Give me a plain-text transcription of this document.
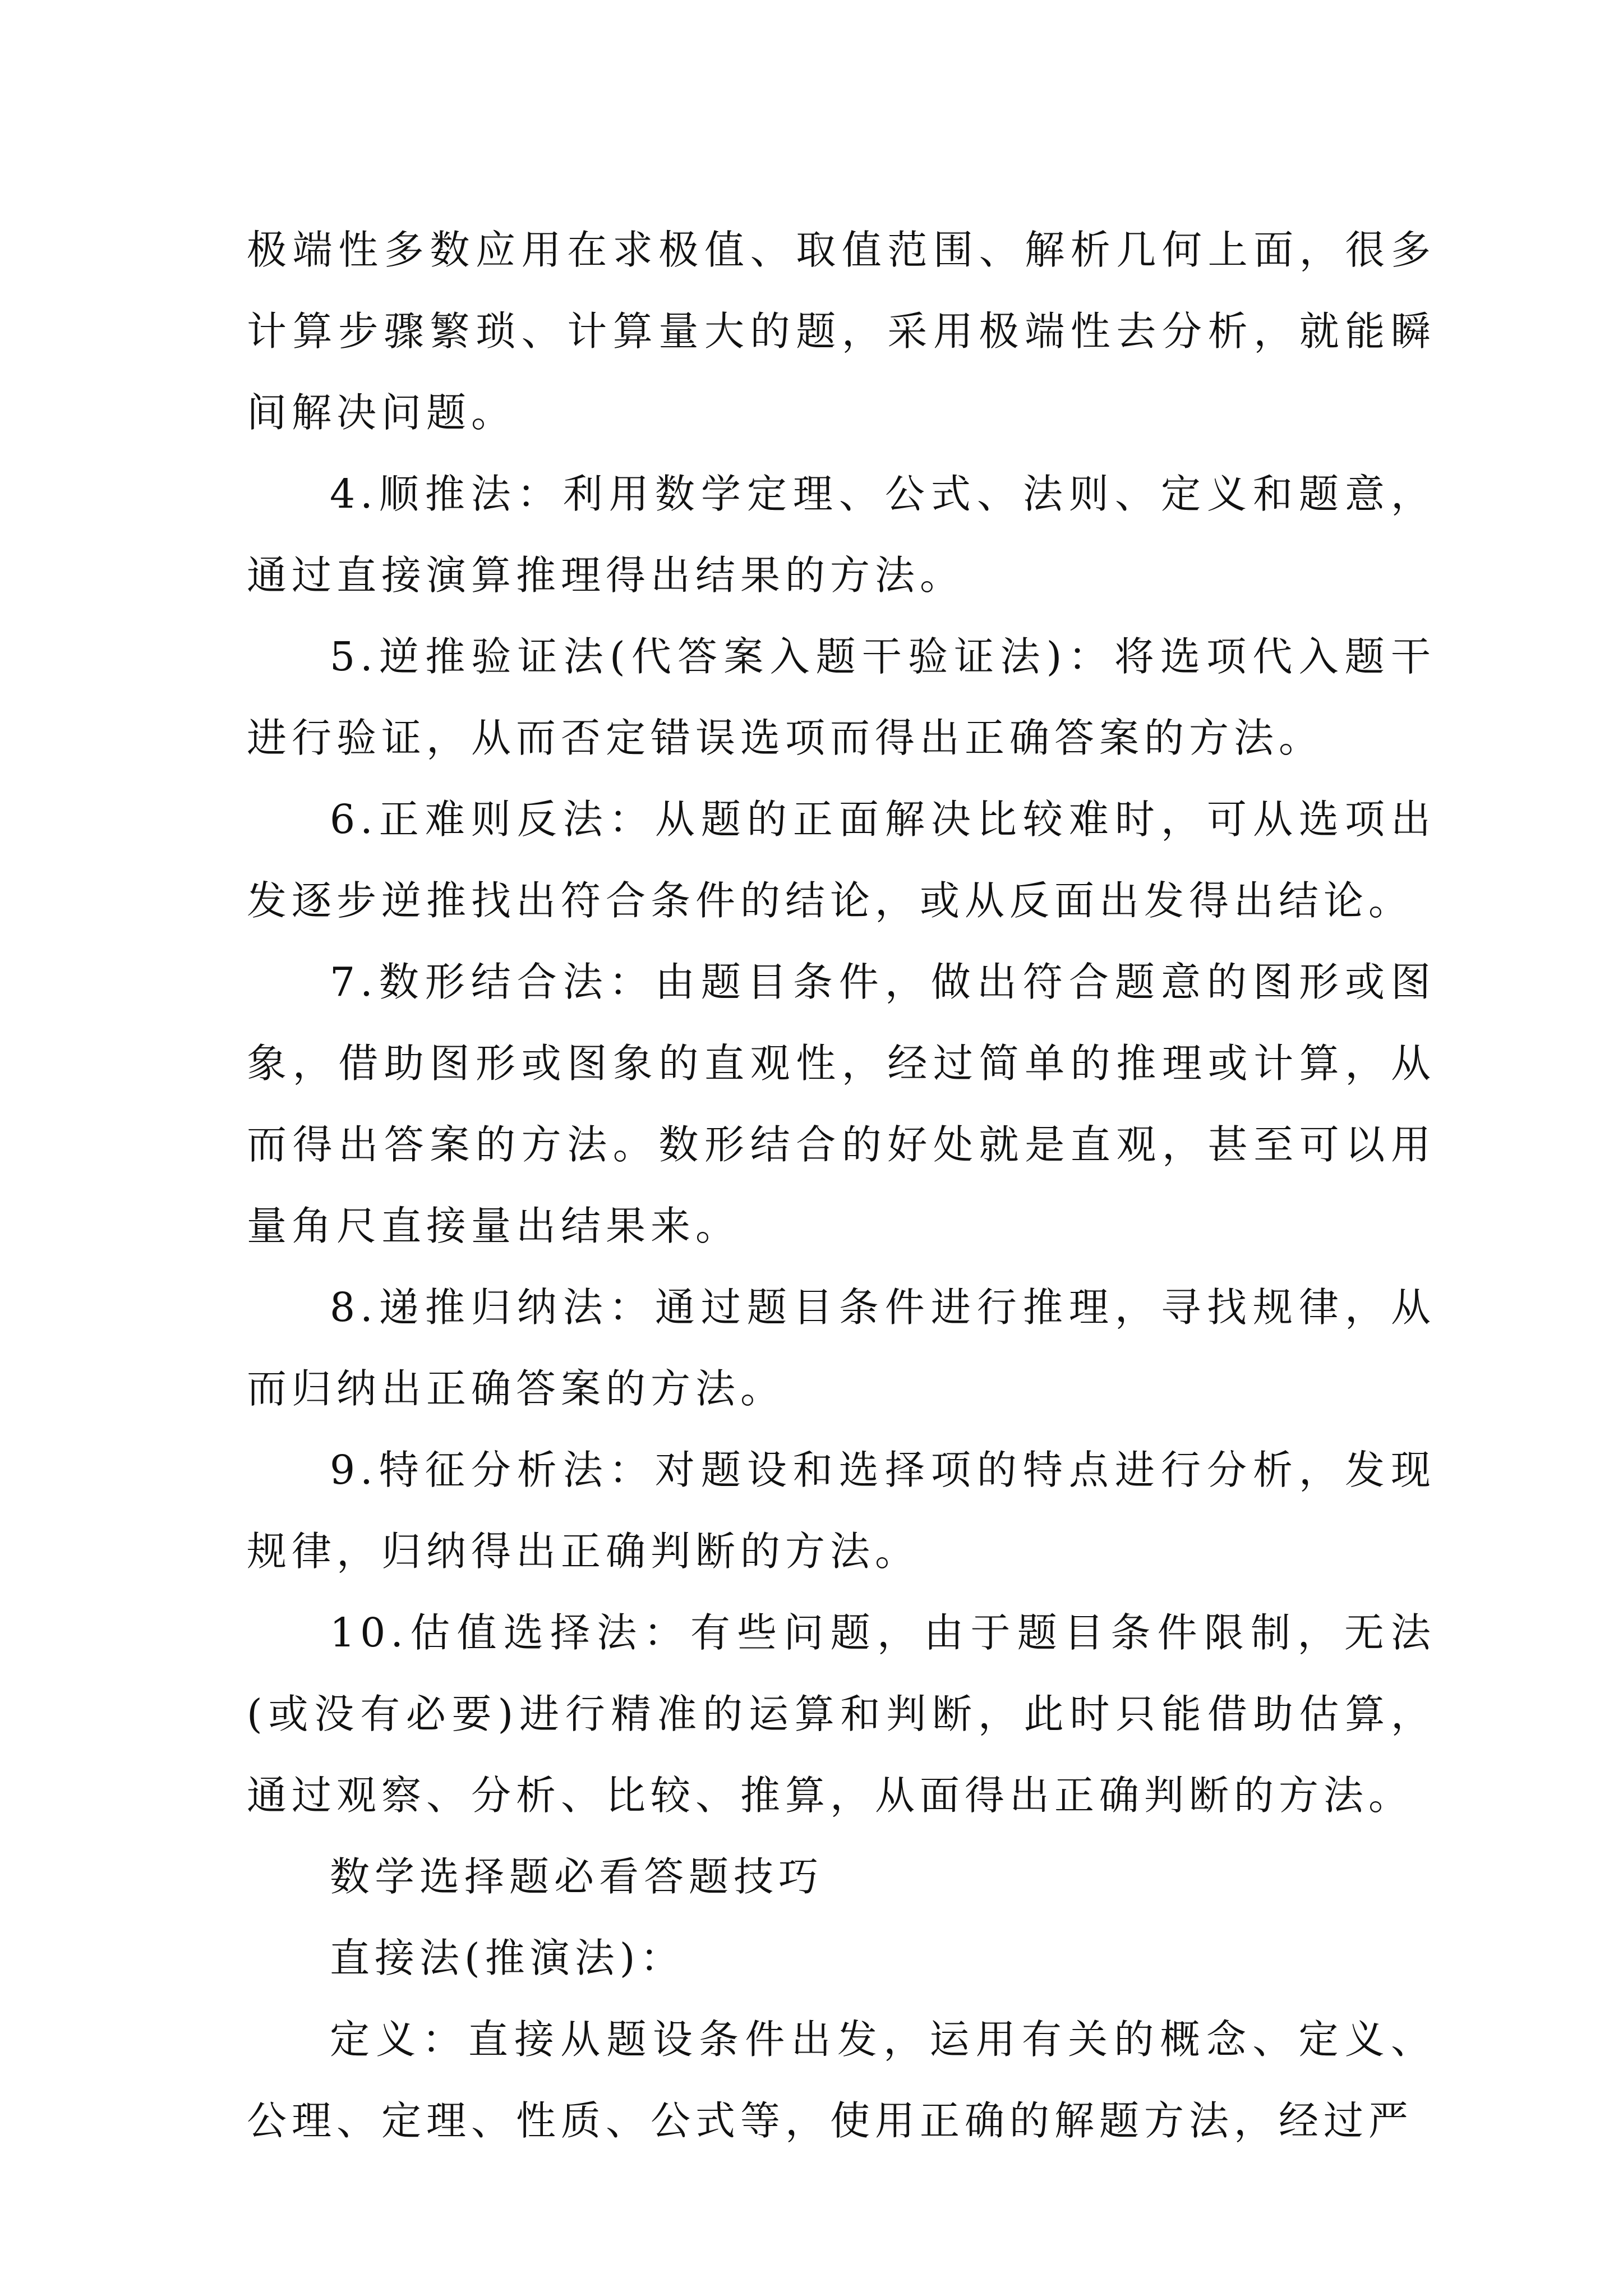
极端性多数应用在求极值、取值范围、解析几何上面，很多计算步骤繁琐、计算量大的题，采用极端性去分析，就能瞬间解决问题。

4.顺推法：利用数学定理、公式、法则、定义和题意，通过直接演算推理得出结果的方法。

5.逆推验证法(代答案入题干验证法)：将选项代入题干进行验证，从而否定错误选项而得出正确答案的方法。

6.正难则反法：从题的正面解决比较难时，可从选项出发逐步逆推找出符合条件的结论，或从反面出发得出结论。

7.数形结合法：由题目条件，做出符合题意的图形或图象，借助图形或图象的直观性，经过简单的推理或计算，从而得出答案的方法。数形结合的好处就是直观，甚至可以用量角尺直接量出结果来。

8.递推归纳法：通过题目条件进行推理，寻找规律，从而归纳出正确答案的方法。

9.特征分析法：对题设和选择项的特点进行分析，发现规律，归纳得出正确判断的方法。

10.估值选择法：有些问题，由于题目条件限制，无法(或没有必要)进行精准的运算和判断，此时只能借助估算，通过观察、分析、比较、推算，从面得出正确判断的方法。

数学选择题必看答题技巧

直接法(推演法)：

定义：直接从题设条件出发，运用有关的概念、定义、公理、定理、性质、公式等，使用正确的解题方法，经过严
